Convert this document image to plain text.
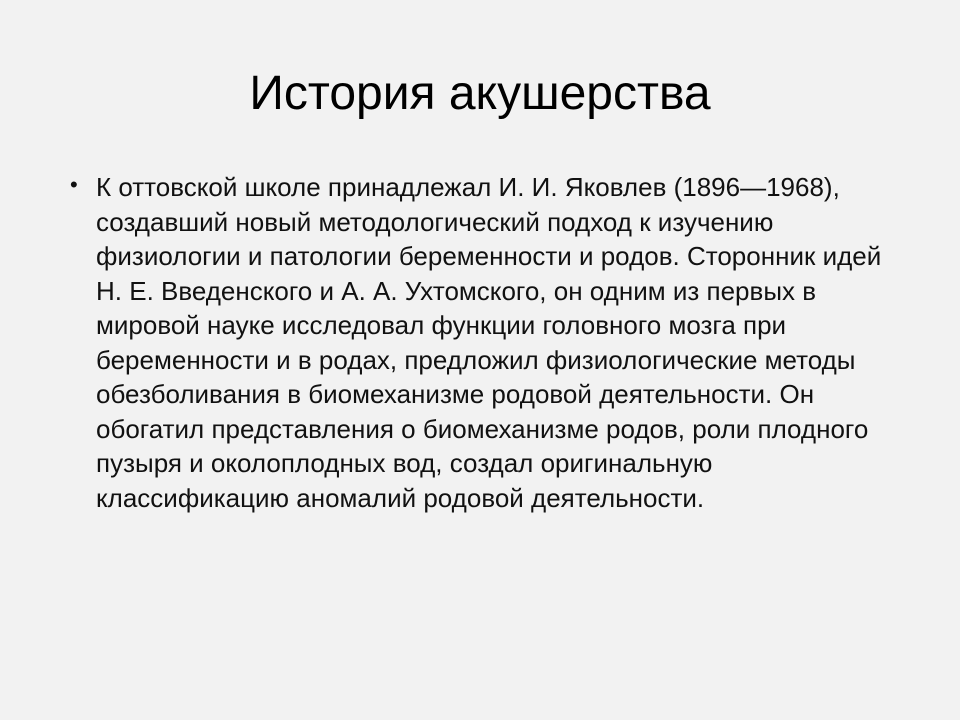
История акушерства
• К оттовской школе принадлежал И. И. Яковлев (1896—1968), создавший новый методологический подход к изучению физиологии и патологии беременности и родов. Сторонник идей Н. Е. Введенского и А. А. Ухтомского, он одним из первых в мировой науке исследовал функции головного мозга при беременности и в родах, предложил физиологические методы обезболивания в биомеханизме родовой деятельности. Он обогатил представления о биомеханизме родов, роли плодного пузыря и околоплодных вод, создал оригинальную классификацию аномалий родовой деятельности.
